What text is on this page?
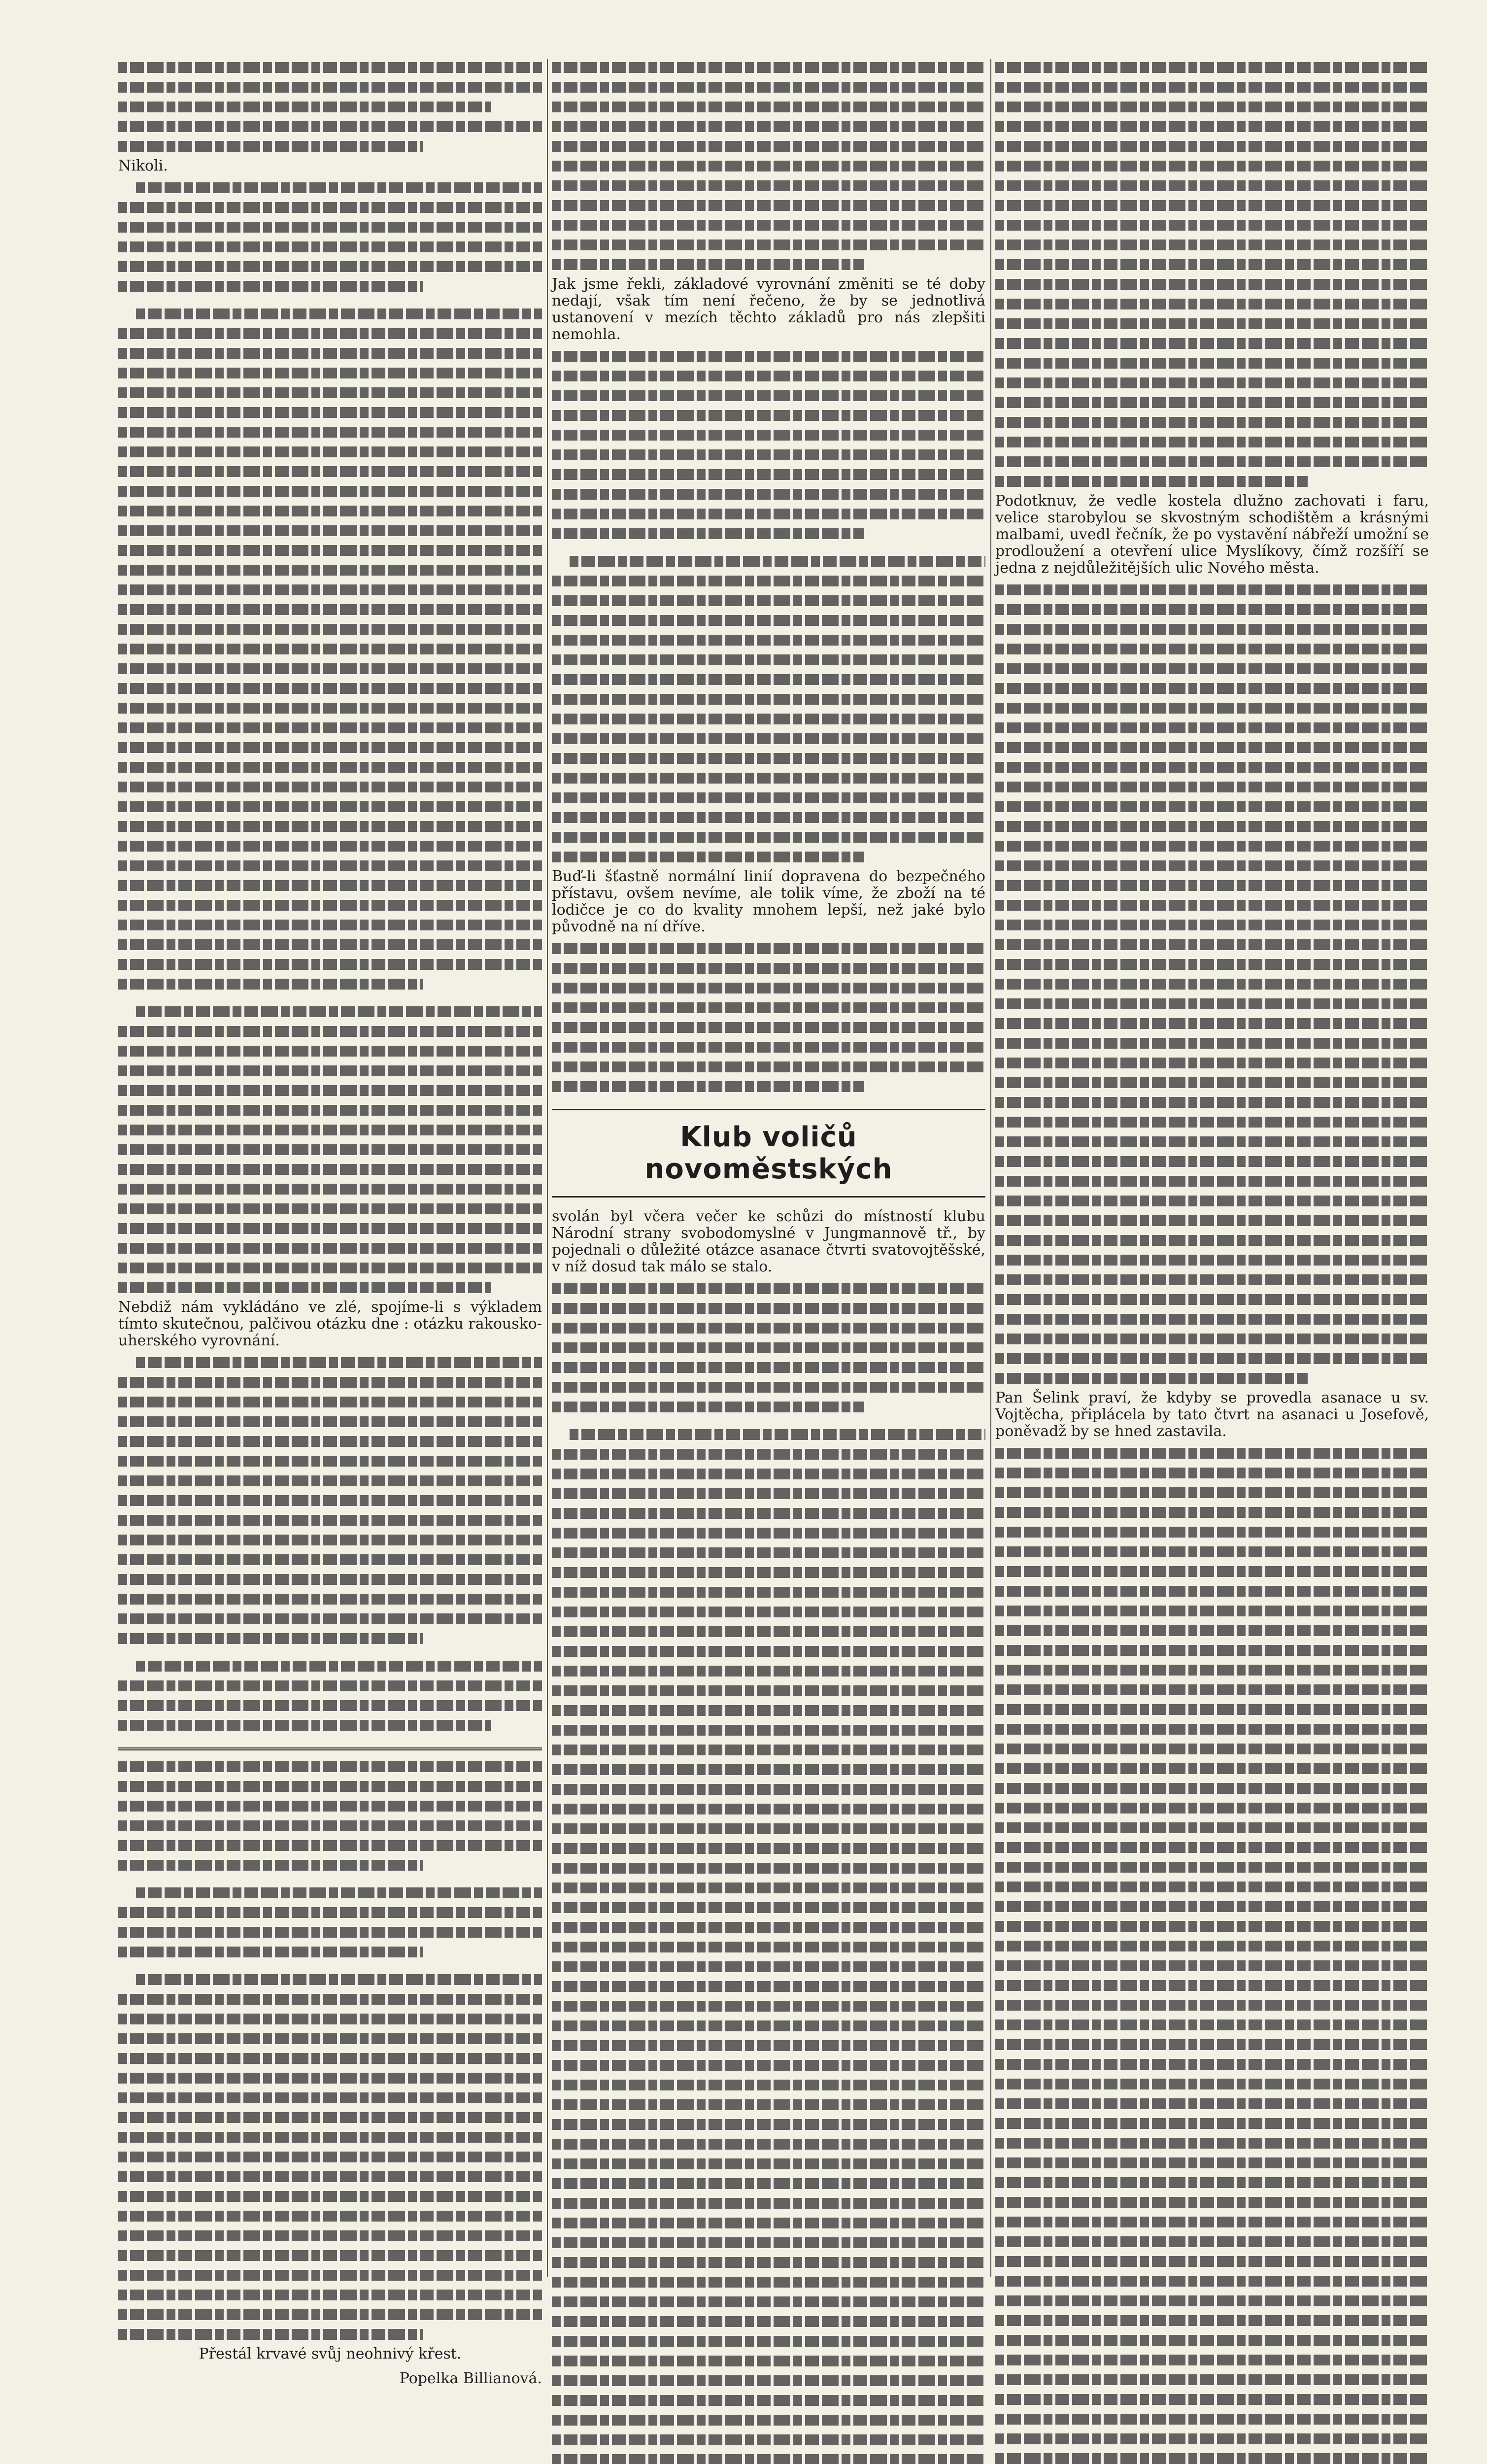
Nikoli.

Nebdiž nám vykládáno ve zlé, spojíme-li s výkladem tímto skutečnou, palčivou otázku dne : otázku rakousko-uherského vyrovnání.

Přestál krvavé svůj neohnivý křest.

Popelka Billianová.

Jak jsme řekli, základové vyrovnání změniti se té doby nedají, však tím není řečeno, že by se jednotlivá ustanovení v mezích těchto základů pro nás zlepšiti nemohla.

Buď-li šťastně normální linií dopravena do bezpečného přístavu, ovšem nevíme, ale tolik víme, že zboží na té lodičce je co do kvality mnohem lepší, než jaké bylo původně na ní dříve.

Klub voličů novoměstských

svolán byl včera večer ke schůzi do místností klubu Národní strany svobodomyslné v Jungmannově tř., by pojednali o důležité otázce asanace čtvrti svatovojtěšské, v níž dosud tak málo se stalo.

Podotknuv, že vedle kostela dlužno zachovati i faru, velice starobylou se skvostným schodištěm a krásnými malbami, uvedl řečník, že po vystavění nábřeží umožní se prodloužení a otevření ulice Myslíkovy, čímž rozšíří se jedna z nejdůležitějších ulic Nového města.

Pan Šelink praví, že kdyby se provedla asanace u sv. Vojtěcha, připlácela by tato čtvrt na asanaci u Josefově, poněvadž by se hned zastavila.
